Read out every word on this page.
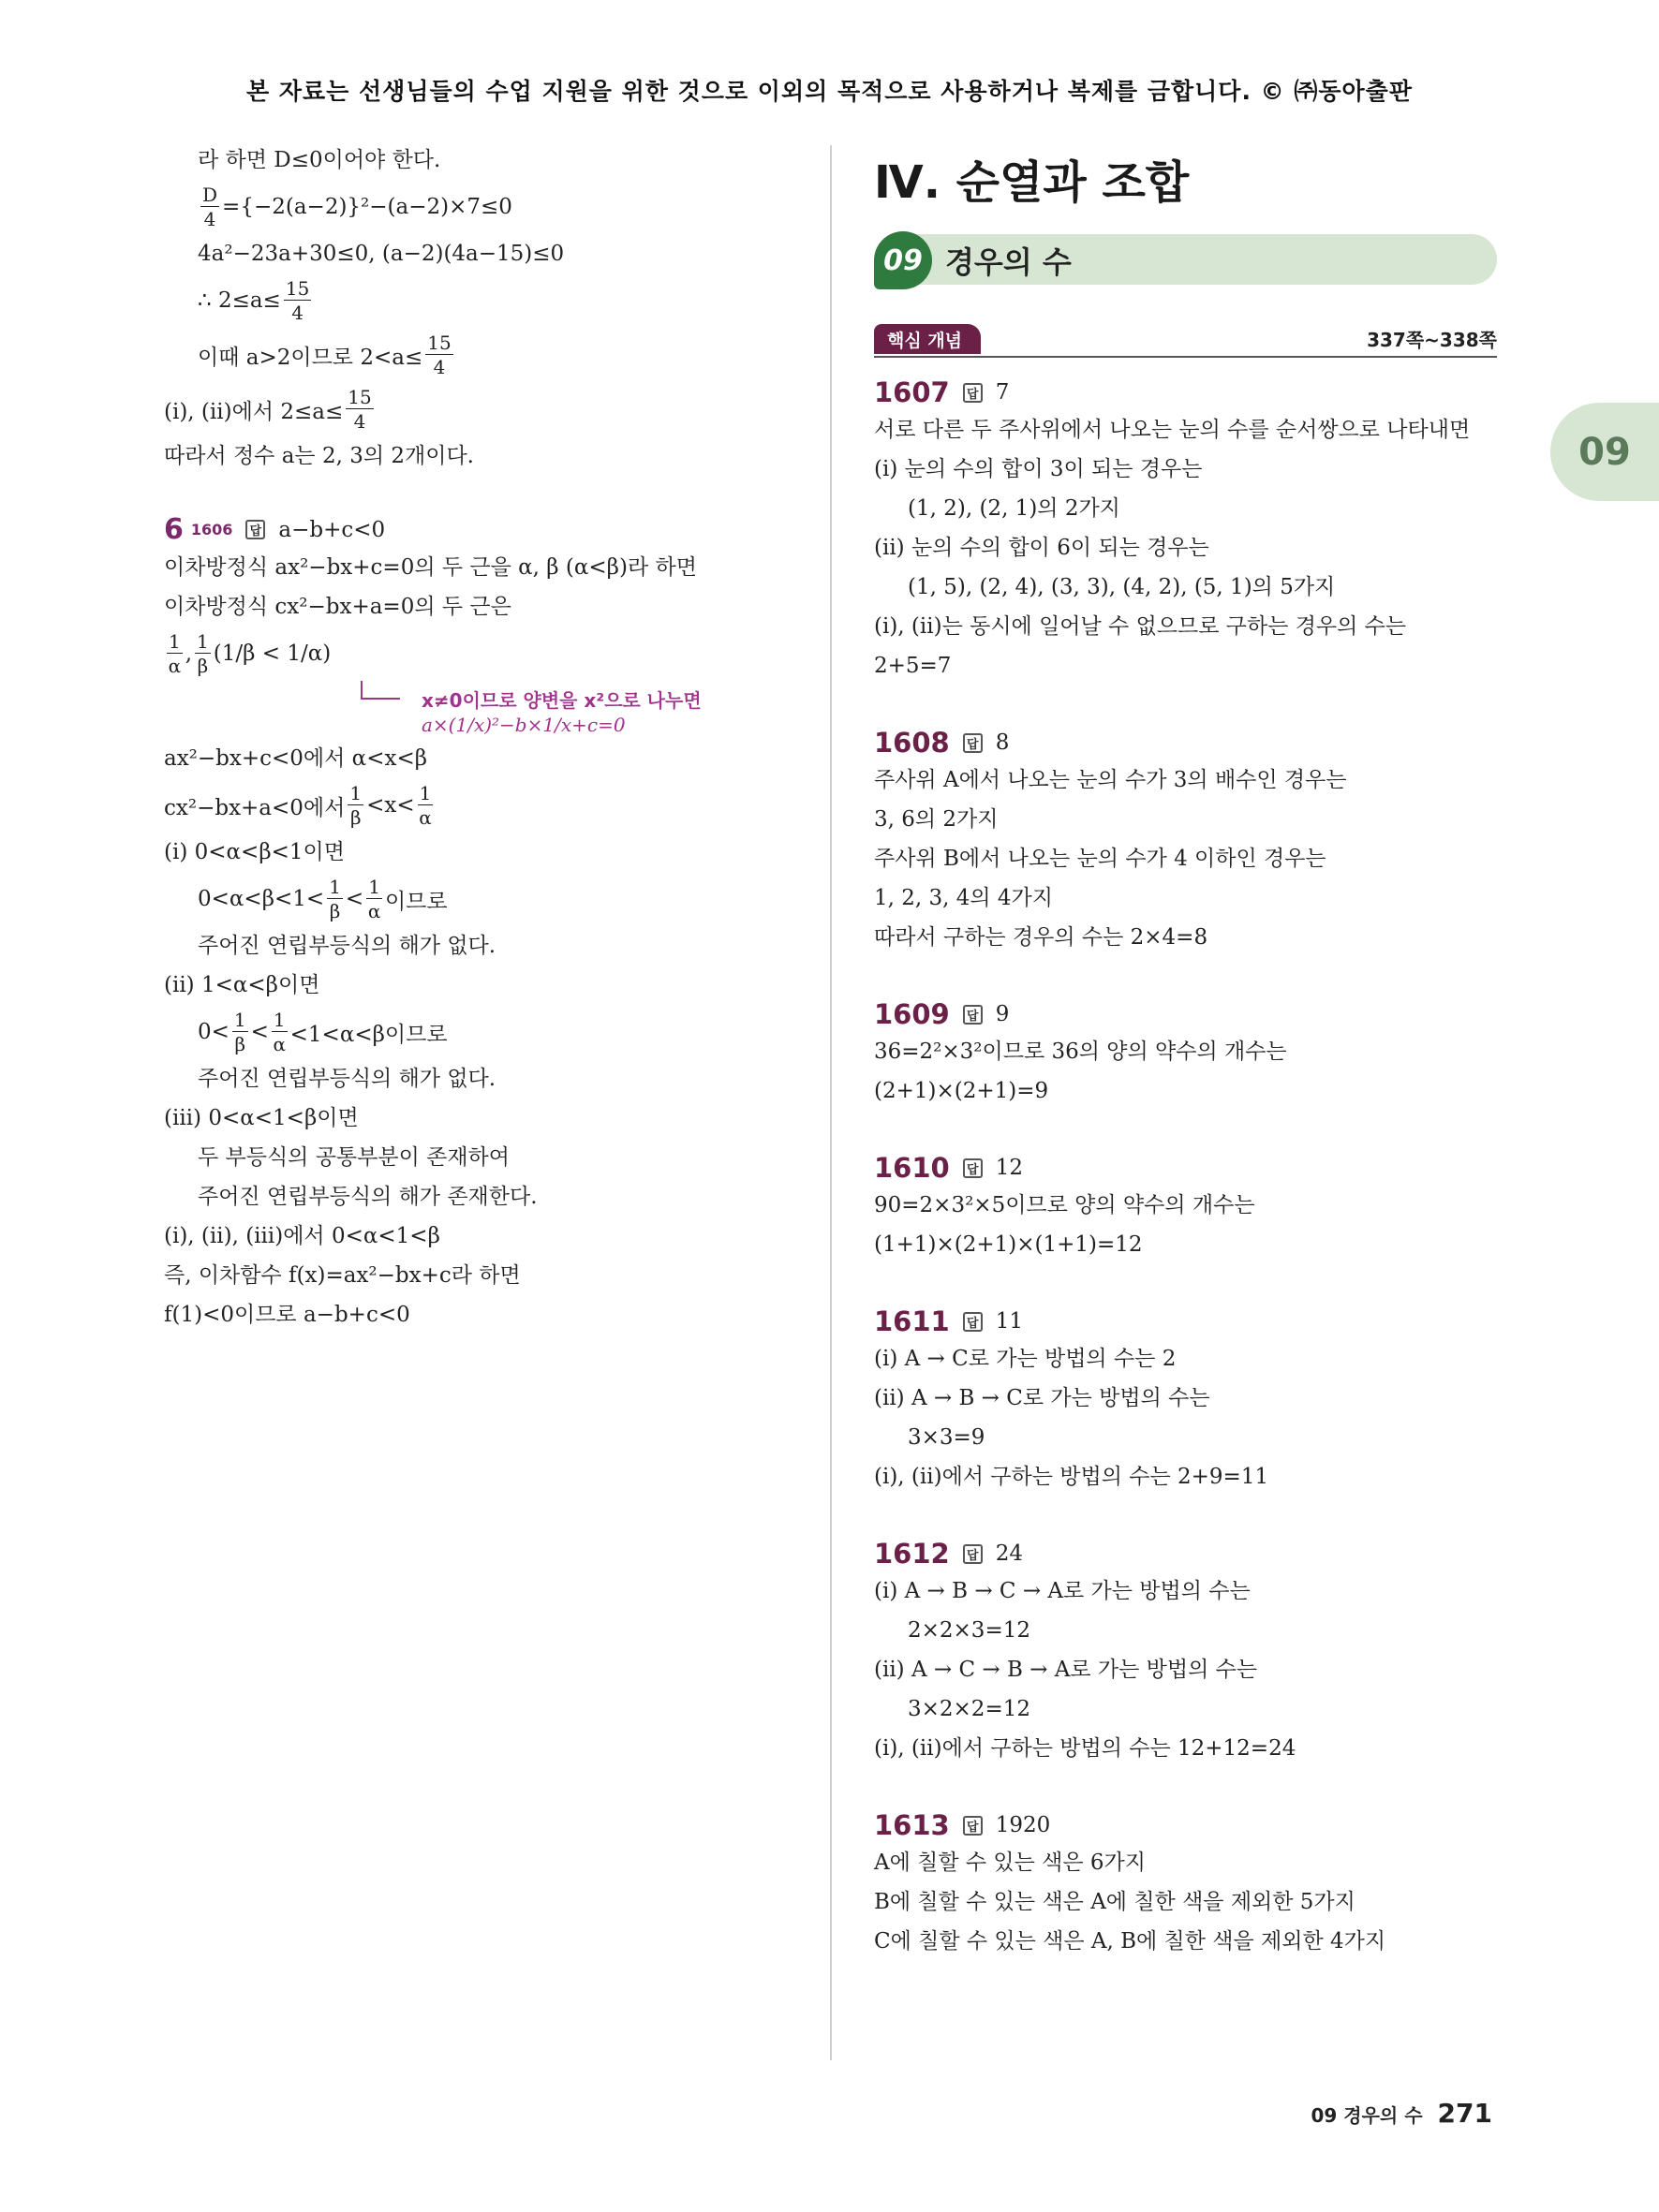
본 자료는 선생님들의 수업 지원을 위한 것으로 이외의 목적으로 사용하거나 복제를 금합니다. © ㈜동아출판
라 하면 D≤0이어야 한다.
$\frac{D}{4} =\{-2(a-2)\}^2-(a-2)\times 7\le 0$
4a²−23a+30≤0, (a−2)(4a−15)≤0
∴ $2\le a\le \frac{15}{4}$
이때 a>2이므로 $2<a\le \frac{15}{4}$
(ⅰ), (ⅱ)에서 $2\le a\le \frac{15}{4}$
따라서 정수 a는 2, 3의 2개이다.
6 1606	답 a−b+c<0
이차방정식 ax²−bx+c=0의 두 근을 α, β (α<β)라 하면
이차방정식 cx²−bx+a=0의 두 근은
$\frac{1}{\alpha}$ , $\frac{1}{\beta} (1/\beta < 1/\alpha)$
x≠0이므로 양변을 x²으로 나누면
a×(1/x)²−b×1/x+c=0
ax²−bx+c<0에서 α<x<β
cx²−bx+a<0에서 $\frac{1}{\beta} <x< \frac{1}{\alpha}$
(ⅰ) 0<α<β<1이면
$0<\alpha<\beta<1< \frac{1}{\beta} < \frac{1}{\alpha}$ 이므로
주어진 연립부등식의 해가 없다.
(ⅱ) 1<α<β이면
$0< \frac{1}{\beta} < \frac{1}{\alpha} <1<\alpha<\beta$이므로
주어진 연립부등식의 해가 없다.
(ⅲ) 0<α<1<β이면
두 부등식의 공통부분이 존재하여
주어진 연립부등식의 해가 존재한다.
(ⅰ), (ⅱ), (ⅲ)에서 0<α<1<β
즉, 이차함수 f(x)=ax²−bx+c라 하면
f(1)<0이므로 a−b+c<0
Ⅳ. 순열과 조합
09 경우의 수
핵심 개념	337쪽~338쪽
1607	답 7
서로 다른 두 주사위에서 나오는 눈의 수를 순서쌍으로 나타내면
(ⅰ) 눈의 수의 합이 3이 되는 경우는
(1, 2), (2, 1)의 2가지
(ⅱ) 눈의 수의 합이 6이 되는 경우는
(1, 5), (2, 4), (3, 3), (4, 2), (5, 1)의 5가지
(ⅰ), (ⅱ)는 동시에 일어날 수 없으므로 구하는 경우의 수는
2+5=7
1608	답 8
주사위 A에서 나오는 눈의 수가 3의 배수인 경우는
3, 6의 2가지
주사위 B에서 나오는 눈의 수가 4 이하인 경우는
1, 2, 3, 4의 4가지
따라서 구하는 경우의 수는 2×4=8
1609	답 9
36=2²×3²이므로 36의 양의 약수의 개수는
(2+1)×(2+1)=9
1610	답 12
90=2×3²×5이므로 양의 약수의 개수는
(1+1)×(2+1)×(1+1)=12
1611	답 11
(ⅰ) A → C로 가는 방법의 수는 2
(ⅱ) A → B → C로 가는 방법의 수는
3×3=9
(ⅰ), (ⅱ)에서 구하는 방법의 수는 2+9=11
1612	답 24
(ⅰ) A → B → C → A로 가는 방법의 수는
2×2×3=12
(ⅱ) A → C → B → A로 가는 방법의 수는
3×2×2=12
(ⅰ), (ⅱ)에서 구하는 방법의 수는 12+12=24
1613	답 1920
A에 칠할 수 있는 색은 6가지
B에 칠할 수 있는 색은 A에 칠한 색을 제외한 5가지
C에 칠할 수 있는 색은 A, B에 칠한 색을 제외한 4가지
09
09 경우의 수 271
